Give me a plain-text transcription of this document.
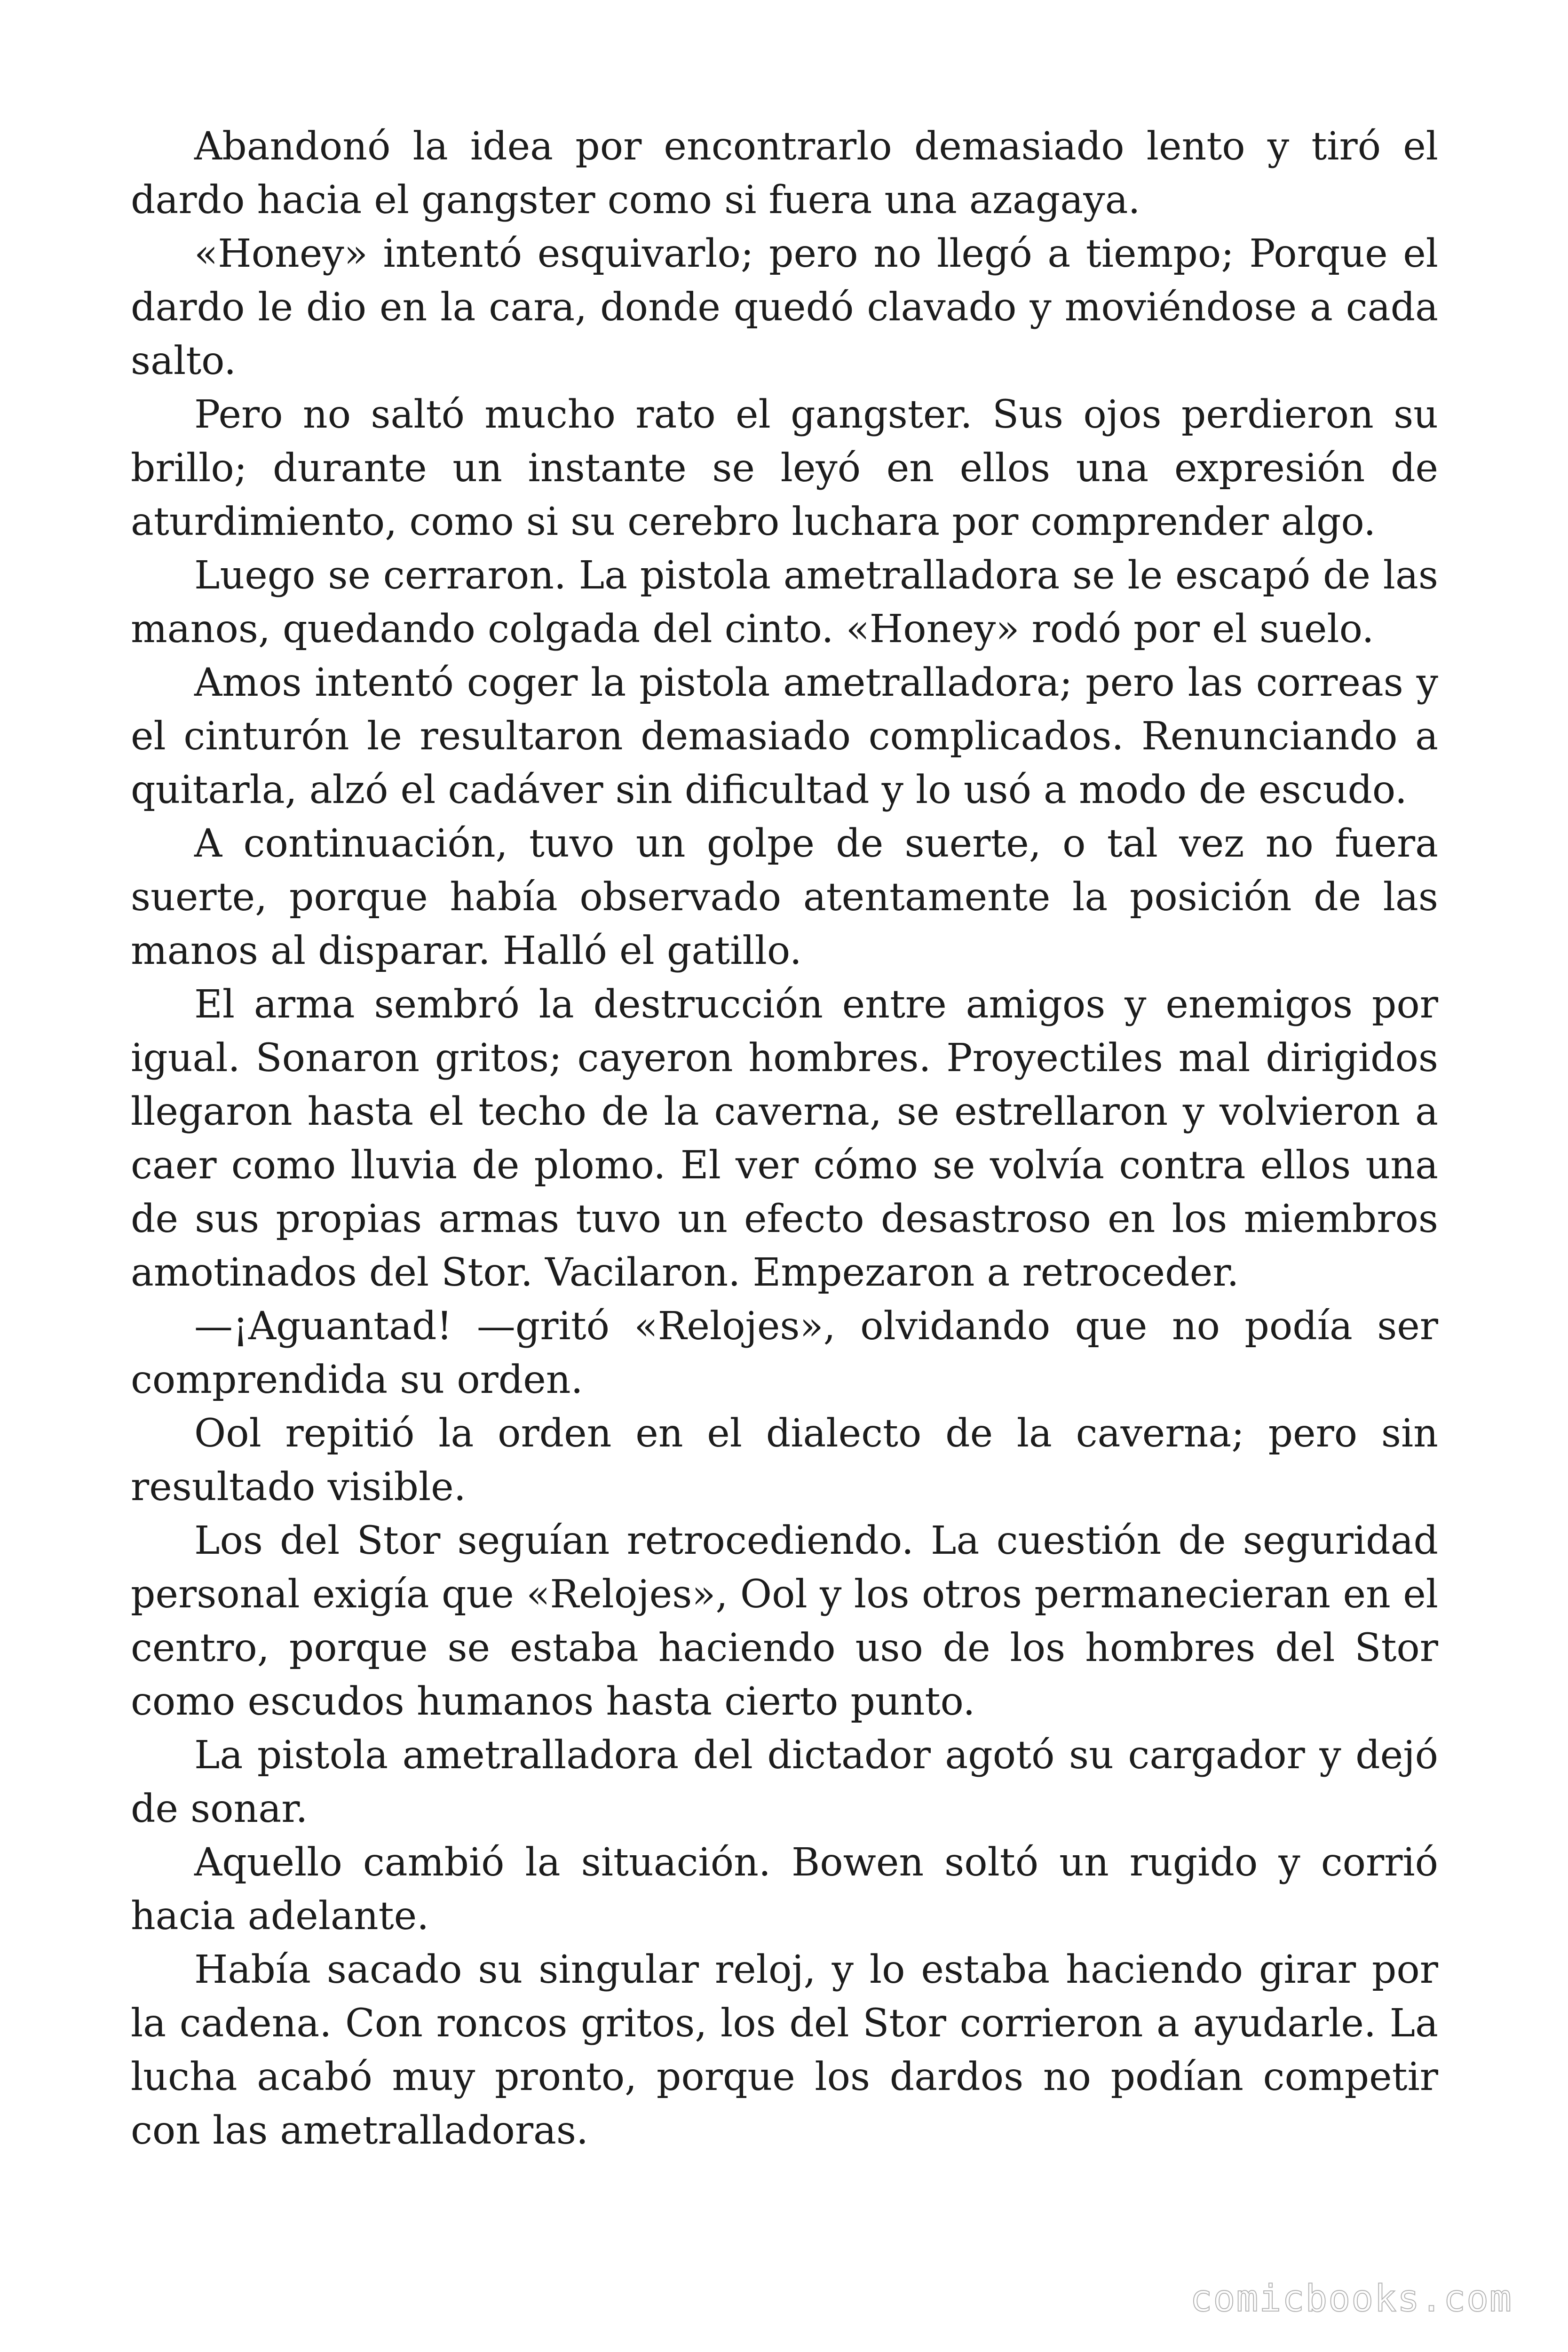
Abandonó la idea por encontrarlo demasiado lento y tiró el dardo hacia el gangster como si fuera una azagaya.

«Honey» intentó esquivarlo; pero no llegó a tiempo; Porque el dardo le dio en la cara, donde quedó clavado y moviéndose a cada salto.

Pero no saltó mucho rato el gangster. Sus ojos perdieron su brillo; durante un instante se leyó en ellos una expresión de aturdimiento, como si su cerebro luchara por comprender algo.

Luego se cerraron. La pistola ametralladora se le escapó de las manos, quedando colgada del cinto. «Honey» rodó por el suelo.

Amos intentó coger la pistola ametralladora; pero las correas y el cinturón le resultaron demasiado complicados. Renunciando a quitarla, alzó el cadáver sin dificultad y lo usó a modo de escudo.

A continuación, tuvo un golpe de suerte, o tal vez no fuera suerte, porque había observado atentamente la posición de las manos al disparar. Halló el gatillo.

El arma sembró la destrucción entre amigos y enemigos por igual. Sonaron gritos; cayeron hombres. Proyectiles mal dirigidos llegaron hasta el techo de la caverna, se estrellaron y volvieron a caer como lluvia de plomo. El ver cómo se volvía contra ellos una de sus propias armas tuvo un efecto desastroso en los miembros amotinados del Stor. Vacilaron. Empezaron a retroceder.

—¡Aguantad! —gritó «Relojes», olvidando que no podía ser comprendida su orden.

Ool repitió la orden en el dialecto de la caverna; pero sin resultado visible.

Los del Stor seguían retrocediendo. La cuestión de seguridad personal exigía que «Relojes», Ool y los otros permanecieran en el centro, porque se estaba haciendo uso de los hombres del Stor como escudos humanos hasta cierto punto.

La pistola ametralladora del dictador agotó su cargador y dejó de sonar.

Aquello cambió la situación. Bowen soltó un rugido y corrió hacia adelante.

Había sacado su singular reloj, y lo estaba haciendo girar por la cadena. Con roncos gritos, los del Stor corrieron a ayudarle. La lucha acabó muy pronto, porque los dardos no podían competir con las ametralladoras.

comicbooks.com
